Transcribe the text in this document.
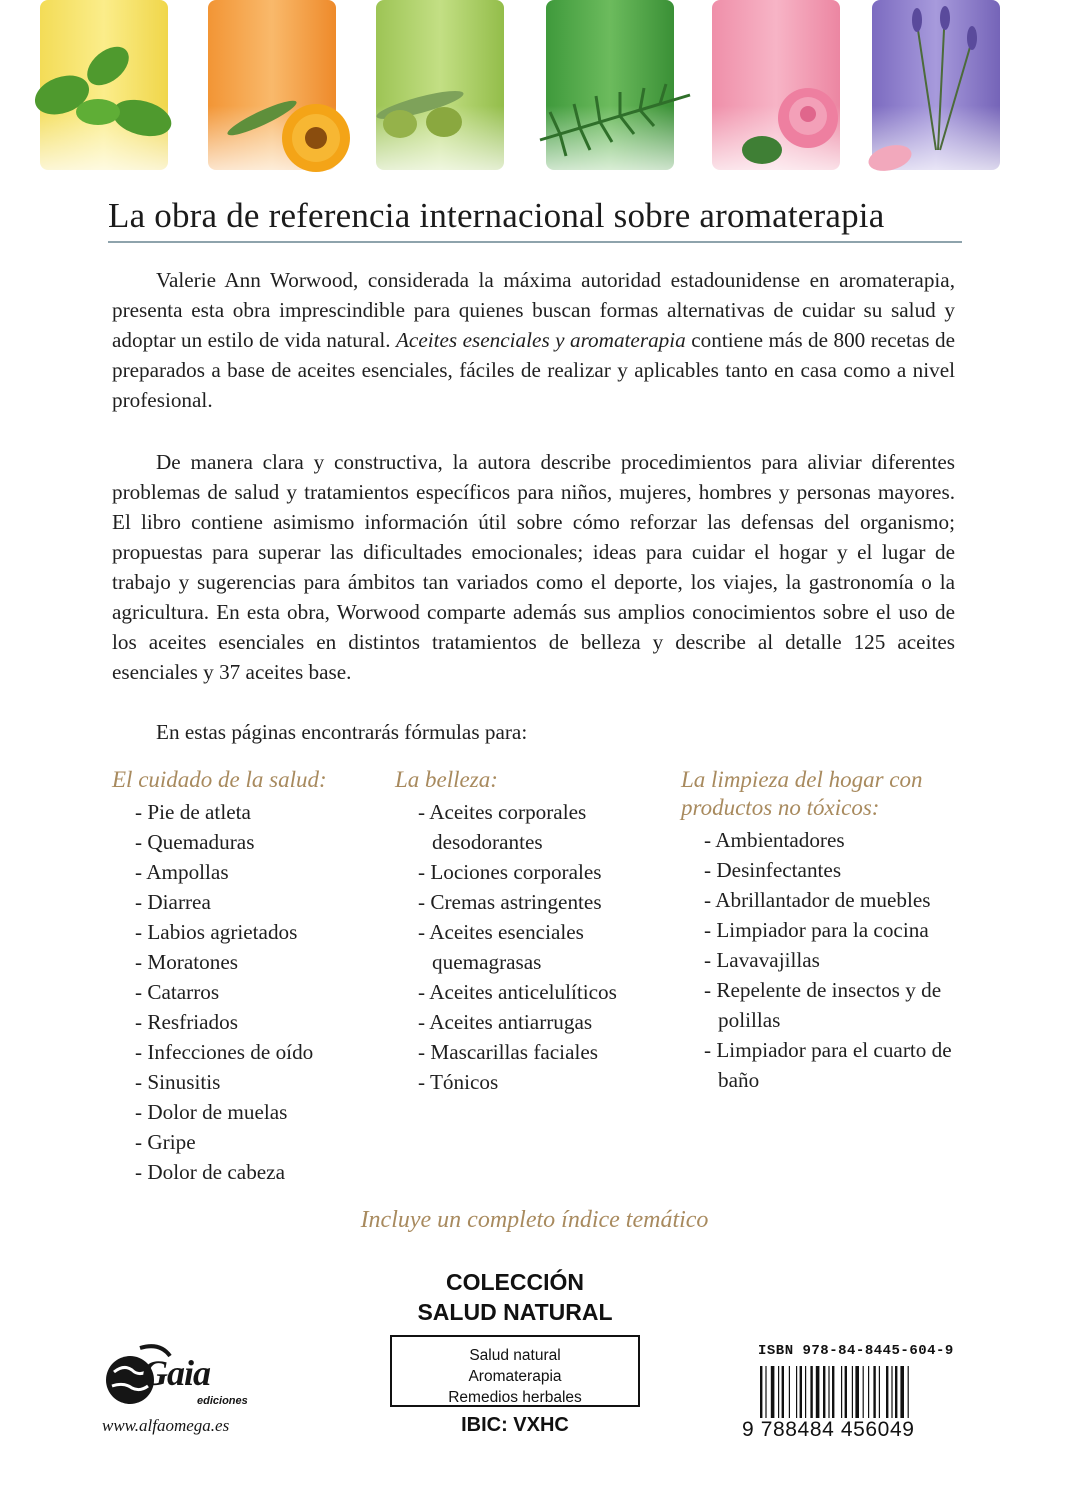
La obra de referencia internacional sobre aromaterapia

Valerie Ann Worwood, considerada la máxima autoridad estadounidense en aromaterapia, presenta esta obra imprescindible para quienes buscan formas alternativas de cuidar su salud y adoptar un estilo de vida natural. Aceites esenciales y aromaterapia contiene más de 800 recetas de preparados a base de aceites esenciales, fáciles de realizar y aplicables tanto en casa como a nivel profesional.

De manera clara y constructiva, la autora describe procedimientos para aliviar diferentes problemas de salud y tratamientos específicos para niños, mujeres, hombres y personas mayores. El libro contiene asimismo información útil sobre cómo reforzar las defensas del organismo; propuestas para superar las dificultades emocionales; ideas para cuidar el hogar y el lugar de trabajo y sugerencias para ámbitos tan variados como el deporte, los viajes, la gastronomía o la agricultura. En esta obra, Worwood comparte además sus amplios conocimientos sobre el uso de los aceites esenciales en distintos tratamientos de belleza y describe al detalle 125 aceites esenciales y 37 aceites base.

En estas páginas encontrarás fórmulas para:

El cuidado de la salud:
- Pie de atleta
- Quemaduras
- Ampollas
- Diarrea
- Labios agrietados
- Moratones
- Catarros
- Resfriados
- Infecciones de oído
- Sinusitis
- Dolor de muelas
- Gripe
- Dolor de cabeza
La belleza:
- Aceites corporales desodorantes
- Lociones corporales
- Cremas astringentes
- Aceites esenciales quemagrasas
- Aceites anticelulíticos
- Aceites antiarrugas
- Mascarillas faciales
- Tónicos
La limpieza del hogar con productos no tóxicos:
- Ambientadores
- Desinfectantes
- Abrillantador de muebles
- Limpiador para la cocina
- Lavavajillas
- Repelente de insectos y de polillas
- Limpiador para el cuarto de baño
Incluye un completo índice temático
COLECCIÓN
SALUD NATURAL
Salud natural
Aromaterapia
Remedios herbales
IBIC: VXHC
Gaia
ediciones
www.alfaomega.es
ISBN 978-84-8445-604-9
9 788484 456049
